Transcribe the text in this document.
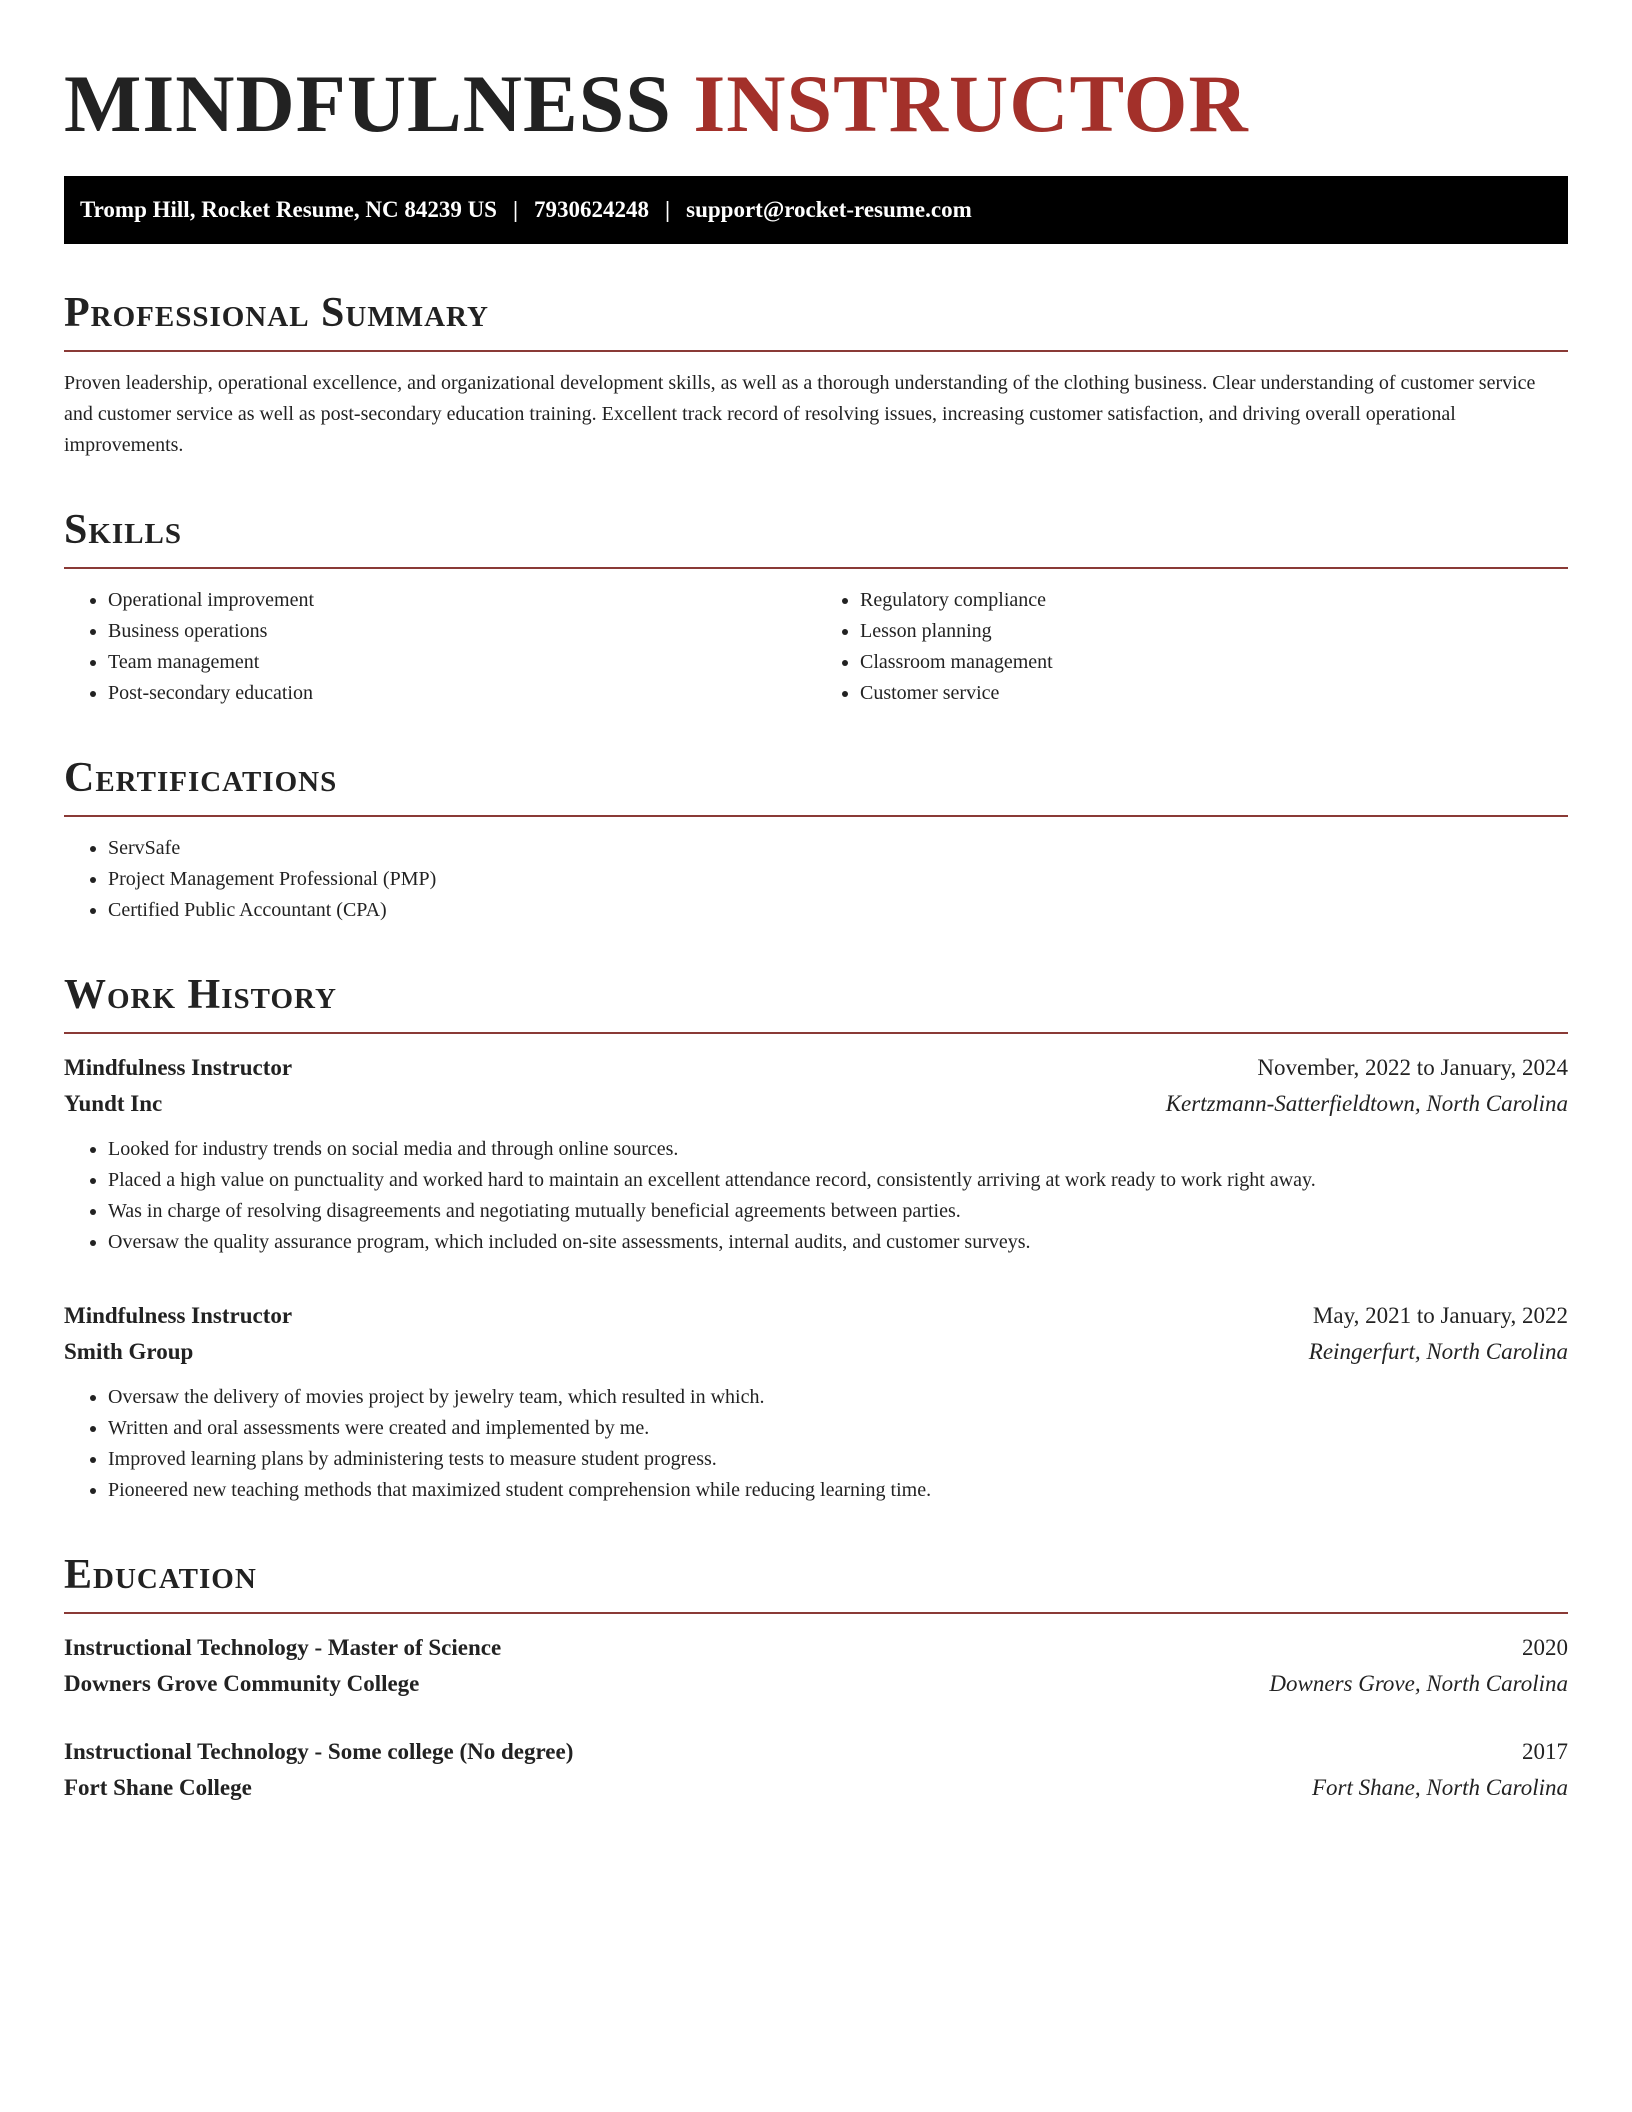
MINDFULNESS INSTRUCTOR
Tromp Hill, Rocket Resume, NC 84239 US | 7930624248 | support@rocket-resume.com
Professional Summary

Proven leadership, operational excellence, and organizational development skills, as well as a thorough understanding of the clothing business. Clear understanding of customer service and customer service as well as post-secondary education training. Excellent track record of resolving issues, increasing customer satisfaction, and driving overall operational improvements.

Skills
• Operational improvement
• Business operations
• Team management
• Post-secondary education
• Regulatory compliance
• Lesson planning
• Classroom management
• Customer service
Certifications
• ServSafe
• Project Management Professional (PMP)
• Certified Public Accountant (CPA)
Work History
Mindfulness Instructor	November, 2022 to January, 2024
Yundt Inc	Kertzmann-Satterfieldtown, North Carolina
• Looked for industry trends on social media and through online sources.
• Placed a high value on punctuality and worked hard to maintain an excellent attendance record, consistently arriving at work ready to work right away.
• Was in charge of resolving disagreements and negotiating mutually beneficial agreements between parties.
• Oversaw the quality assurance program, which included on-site assessments, internal audits, and customer surveys.
Mindfulness Instructor	May, 2021 to January, 2022
Smith Group	Reingerfurt, North Carolina
• Oversaw the delivery of movies project by jewelry team, which resulted in which.
• Written and oral assessments were created and implemented by me.
• Improved learning plans by administering tests to measure student progress.
• Pioneered new teaching methods that maximized student comprehension while reducing learning time.
Education
Instructional Technology - Master of Science	2020
Downers Grove Community College	Downers Grove, North Carolina
Instructional Technology - Some college (No degree)	2017
Fort Shane College	Fort Shane, North Carolina
